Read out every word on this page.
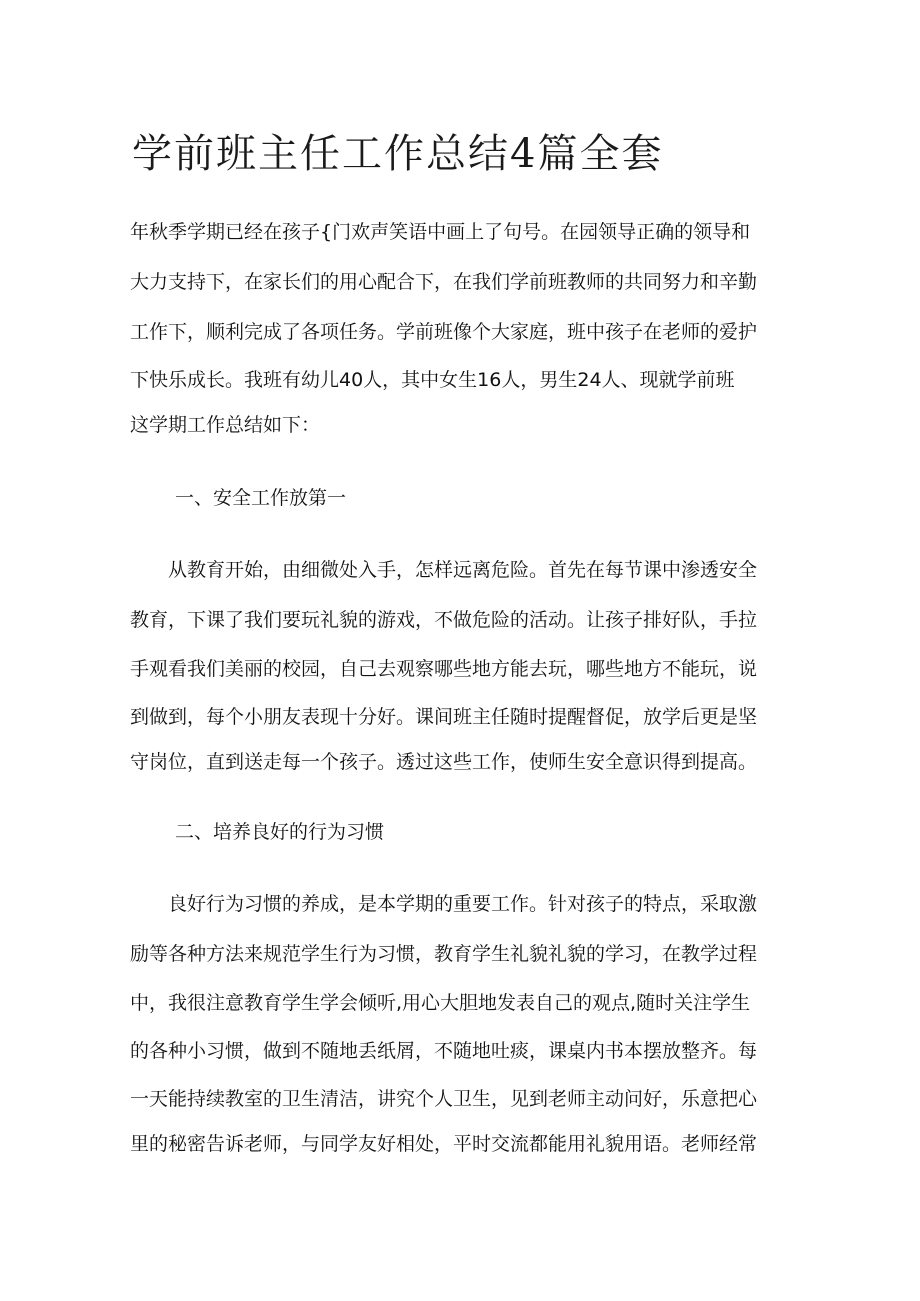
学前班主任工作总结4篇全套
年秋季学期已经在孩子{门欢声笑语中画上了句号。在园领导正确的领导和
大力支持下，在家长们的用心配合下，在我们学前班教师的共同努力和辛勤
工作下，顺利完成了各项任务。学前班像个大家庭，班中孩子在老师的爱护
下快乐成长。我班有幼儿40人，其中女生16人，男生24人、现就学前班
这学期工作总结如下：
一、安全工作放第一
　　从教育开始，由细微处入手，怎样远离危险。首先在每节课中渗透安全
教育，下课了我们要玩礼貌的游戏，不做危险的活动。让孩子排好队，手拉
手观看我们美丽的校园，自己去观察哪些地方能去玩，哪些地方不能玩，说
到做到，每个小朋友表现十分好。课间班主任随时提醒督促，放学后更是坚
守岗位，直到送走每一个孩子。透过这些工作，使师生安全意识得到提高。
二、培养良好的行为习惯
　　良好行为习惯的养成，是本学期的重要工作。针对孩子的特点，采取激
励等各种方法来规范学生行为习惯，教育学生礼貌礼貌的学习，在教学过程
中，我很注意教育学生学会倾听,用心大胆地发表自己的观点,随时关注学生
的各种小习惯，做到不随地丢纸屑，不随地吐痰，课桌内书本摆放整齐。每
一天能持续教室的卫生清洁，讲究个人卫生，见到老师主动问好，乐意把心
里的秘密告诉老师，与同学友好相处，平时交流都能用礼貌用语。老师经常
